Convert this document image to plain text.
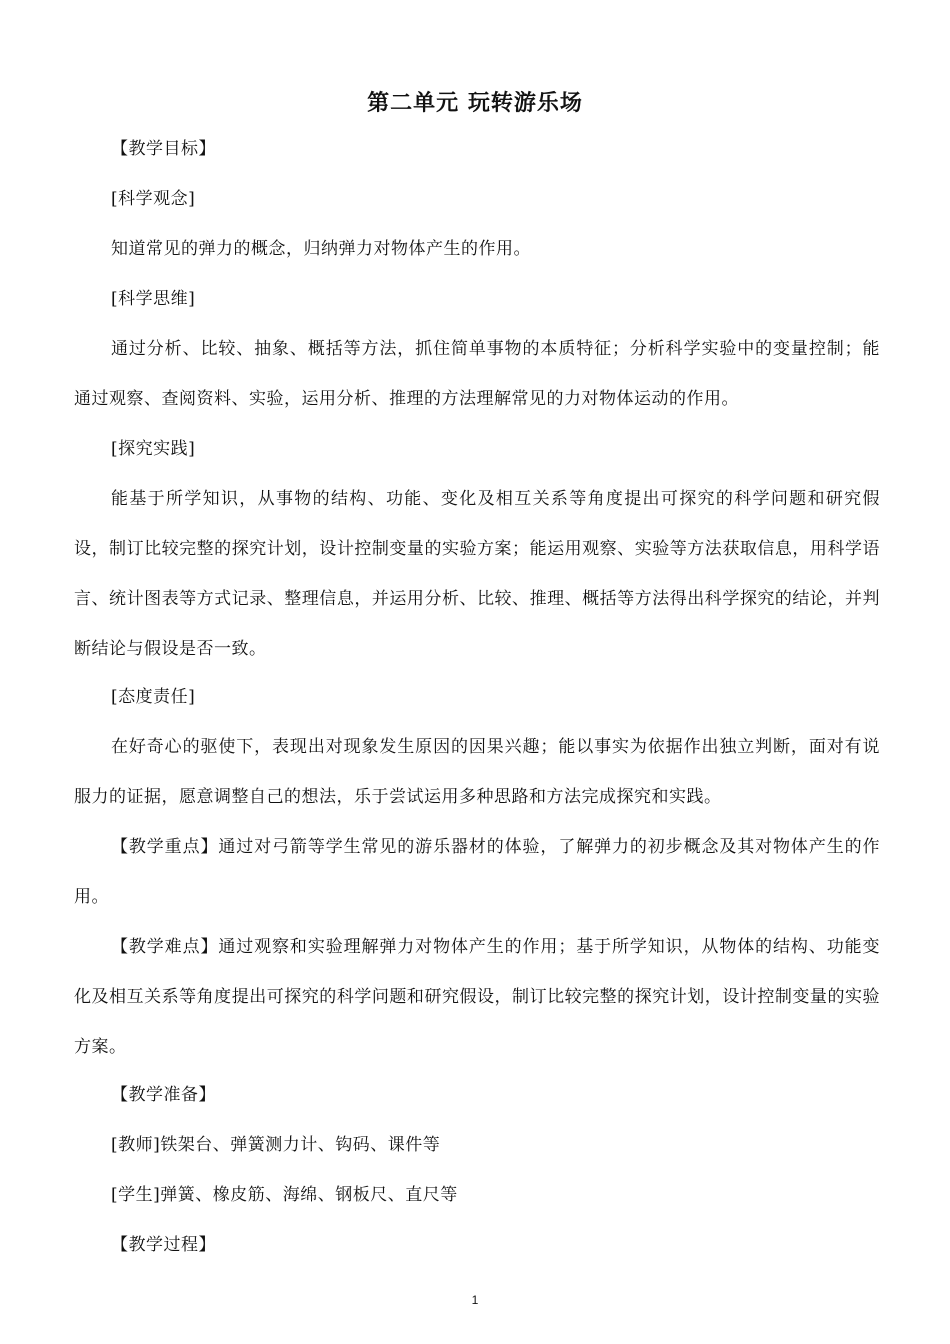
第二单元 玩转游乐场

【教学目标】

[科学观念]

知道常见的弹力的概念，归纳弹力对物体产生的作用。

[科学思维]

通过分析、比较、抽象、概括等方法，抓住简单事物的本质特征；分析科学实验中的变量控制；能通过观察、查阅资料、实验，运用分析、推理的方法理解常见的力对物体运动的作用。

[探究实践]

能基于所学知识，从事物的结构、功能、变化及相互关系等角度提出可探究的科学问题和研究假设，制订比较完整的探究计划，设计控制变量的实验方案；能运用观察、实验等方法获取信息，用科学语言、统计图表等方式记录、整理信息，并运用分析、比较、推理、概括等方法得出科学探究的结论，并判断结论与假设是否一致。

[态度责任]

在好奇心的驱使下，表现出对现象发生原因的因果兴趣；能以事实为依据作出独立判断，面对有说服力的证据，愿意调整自己的想法，乐于尝试运用多种思路和方法完成探究和实践。

【教学重点】通过对弓箭等学生常见的游乐器材的体验，了解弹力的初步概念及其对物体产生的作用。

【教学难点】通过观察和实验理解弹力对物体产生的作用；基于所学知识，从物体的结构、功能变化及相互关系等角度提出可探究的科学问题和研究假设，制订比较完整的探究计划，设计控制变量的实验方案。

【教学准备】

[教师]铁架台、弹簧测力计、钩码、课件等

[学生]弹簧、橡皮筋、海绵、钢板尺、直尺等

【教学过程】

1
